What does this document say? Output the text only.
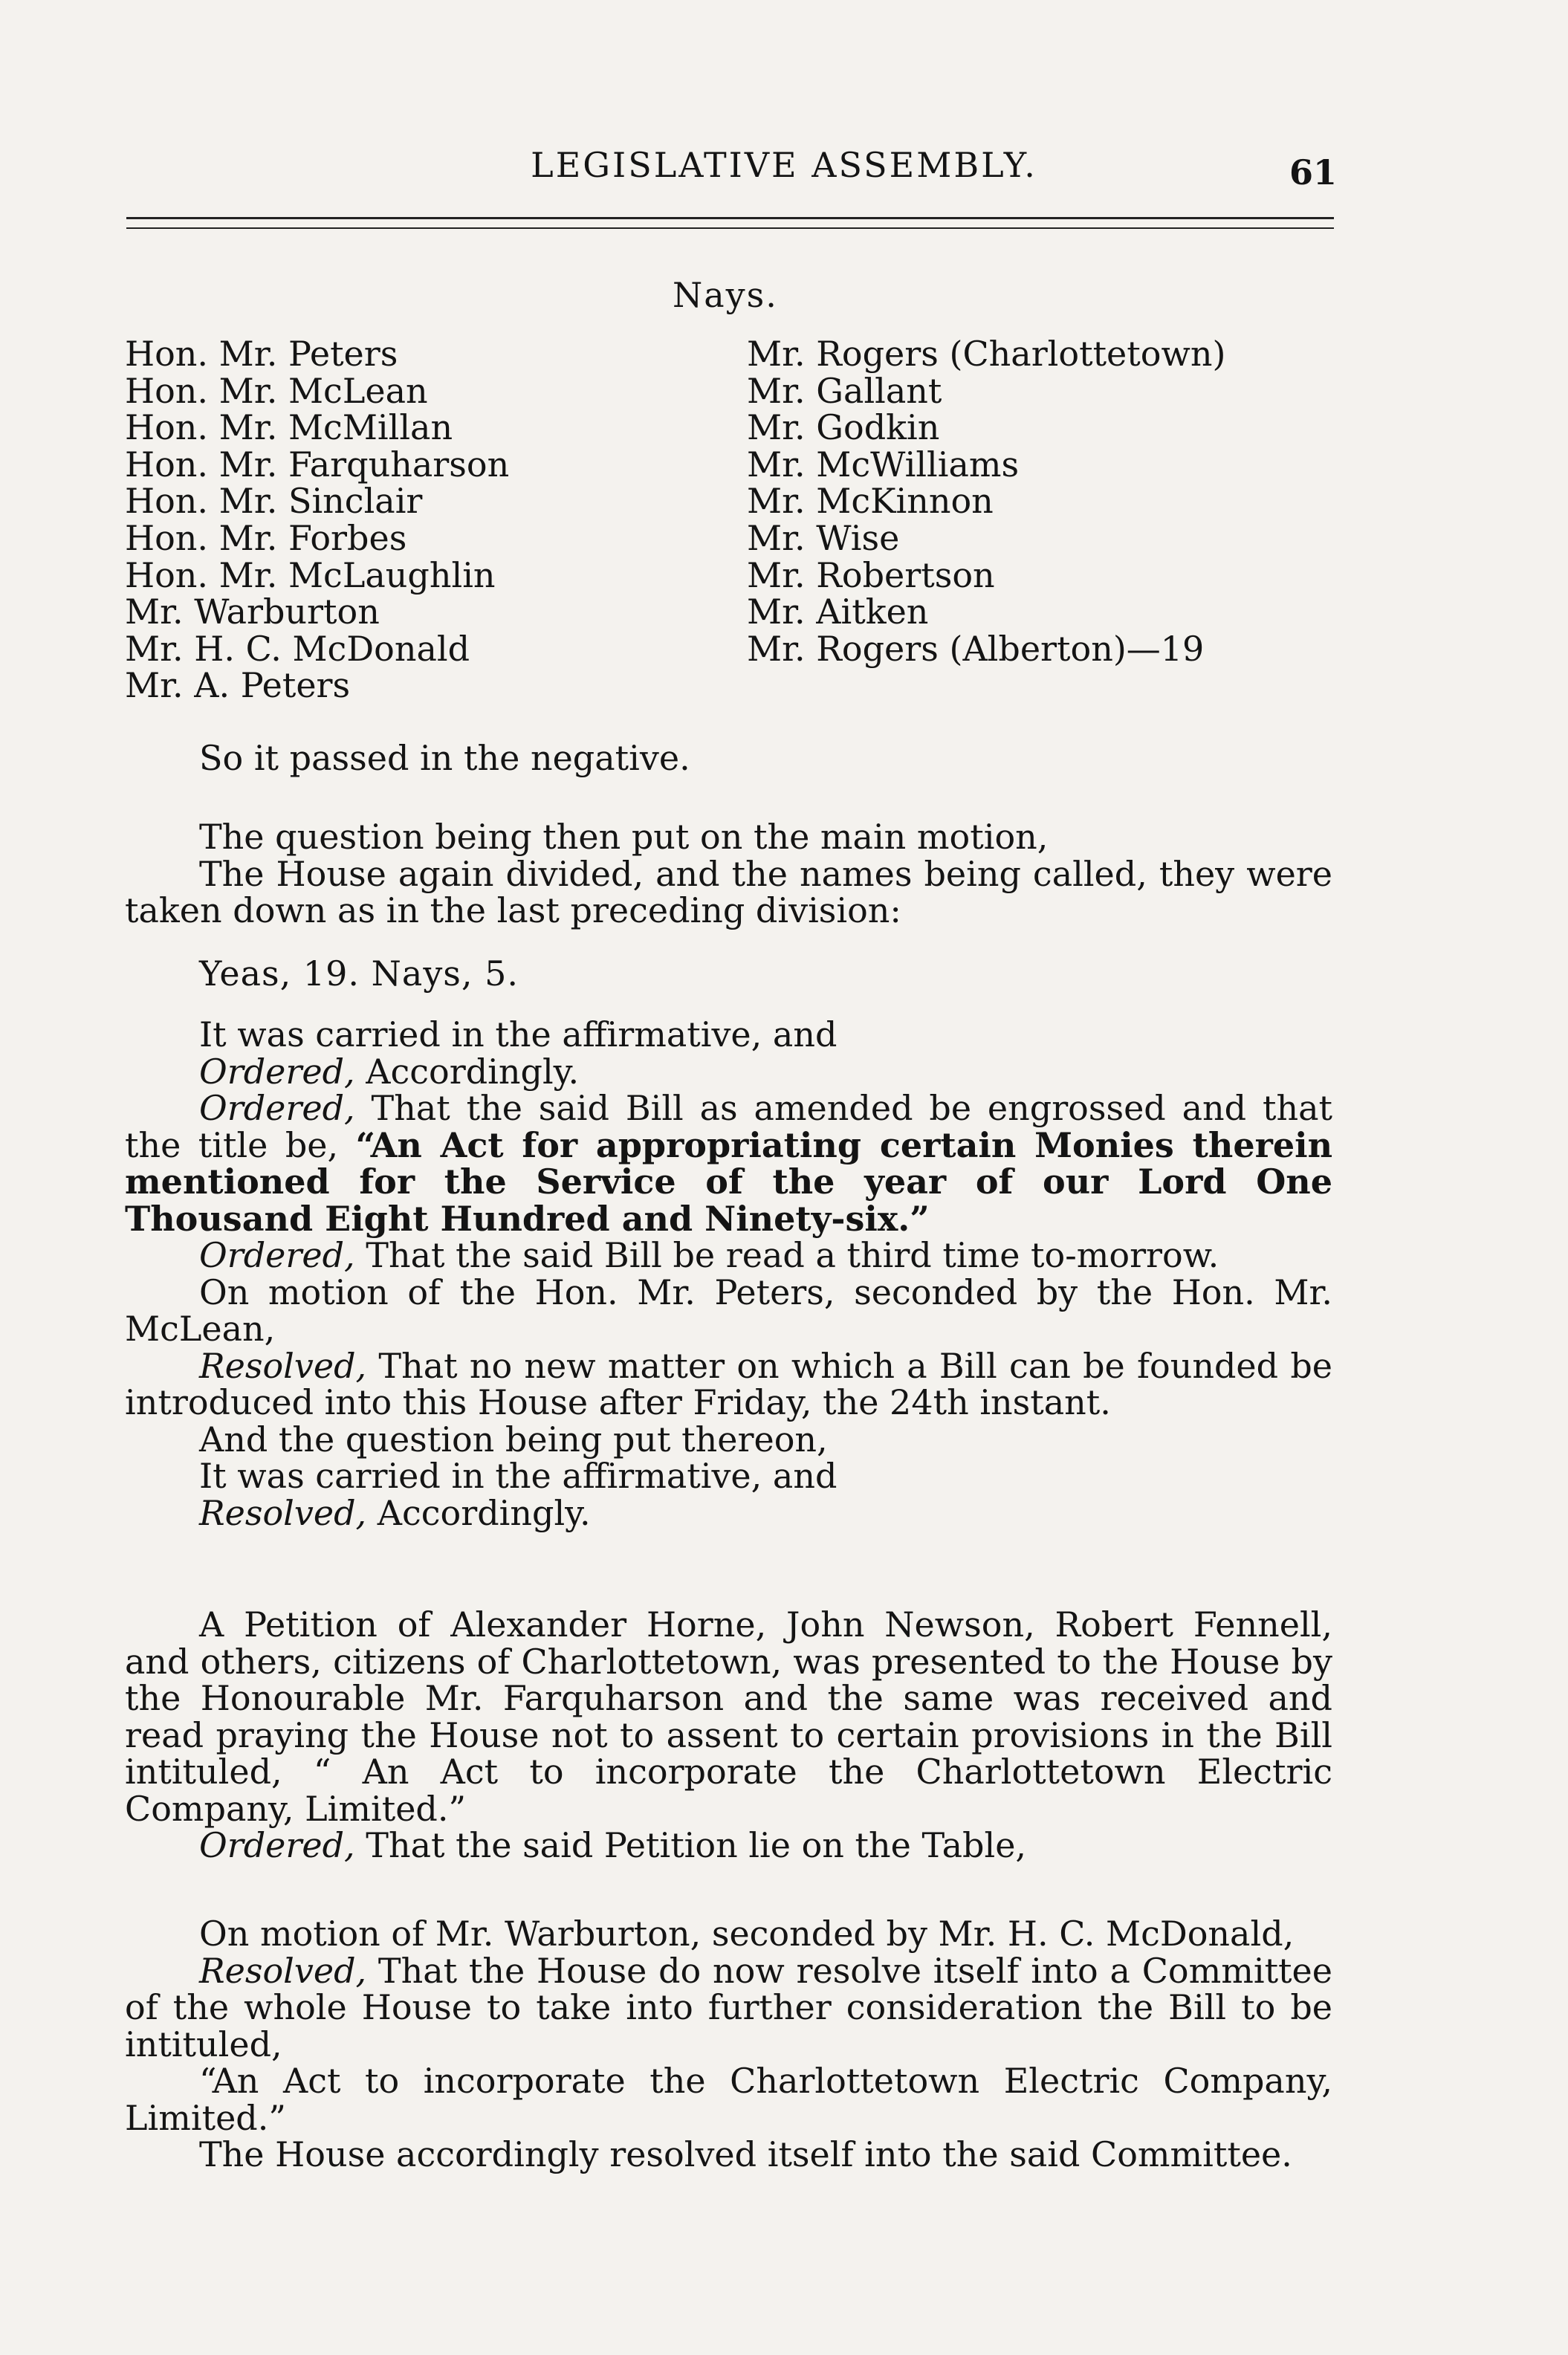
LEGISLATIVE ASSEMBLY.	61
Nays.
Hon. Mr. Peters
Hon. Mr. McLean
Hon. Mr. McMillan
Hon. Mr. Farquharson
Hon. Mr. Sinclair
Hon. Mr. Forbes
Hon. Mr. McLaughlin
Mr. Warburton
Mr. H. C. McDonald
Mr. A. Peters
Mr. Rogers (Charlottetown)
Mr. Gallant
Mr. Godkin
Mr. McWilliams
Mr. McKinnon
Mr. Wise
Mr. Robertson
Mr. Aitken
Mr. Rogers (Alberton)—19

So it passed in the negative.

The question being then put on the main motion,

The House again divided, and the names being called, they were taken down as in the last preceding division:

Yeas, 19. Nays, 5.

It was carried in the affirmative, and

Ordered, Accordingly.

Ordered, That the said Bill as amended be engrossed and that the title be, “An Act for appropriating certain Monies therein mentioned for the Service of the year of our Lord One Thousand Eight Hundred and Ninety-six.”

Ordered, That the said Bill be read a third time to-morrow.

On motion of the Hon. Mr. Peters, seconded by the Hon. Mr. McLean,

Resolved, That no new matter on which a Bill can be founded be introduced into this House after Friday, the 24th instant.

And the question being put thereon,

It was carried in the affirmative, and

Resolved, Accordingly.

A Petition of Alexander Horne, John Newson, Robert Fennell, and others, citizens of Charlottetown, was presented to the House by the Honourable Mr. Farquharson and the same was received and read praying the House not to assent to certain provisions in the Bill intituled, “ An Act to incorporate the Charlottetown Electric Company, Limited.”

Ordered, That the said Petition lie on the Table,

On motion of Mr. Warburton, seconded by Mr. H. C. McDonald,

Resolved, That the House do now resolve itself into a Committee of the whole House to take into further consideration the Bill to be intituled,

“An Act to incorporate the Charlottetown Electric Company, Limited.”

The House accordingly resolved itself into the said Committee.
